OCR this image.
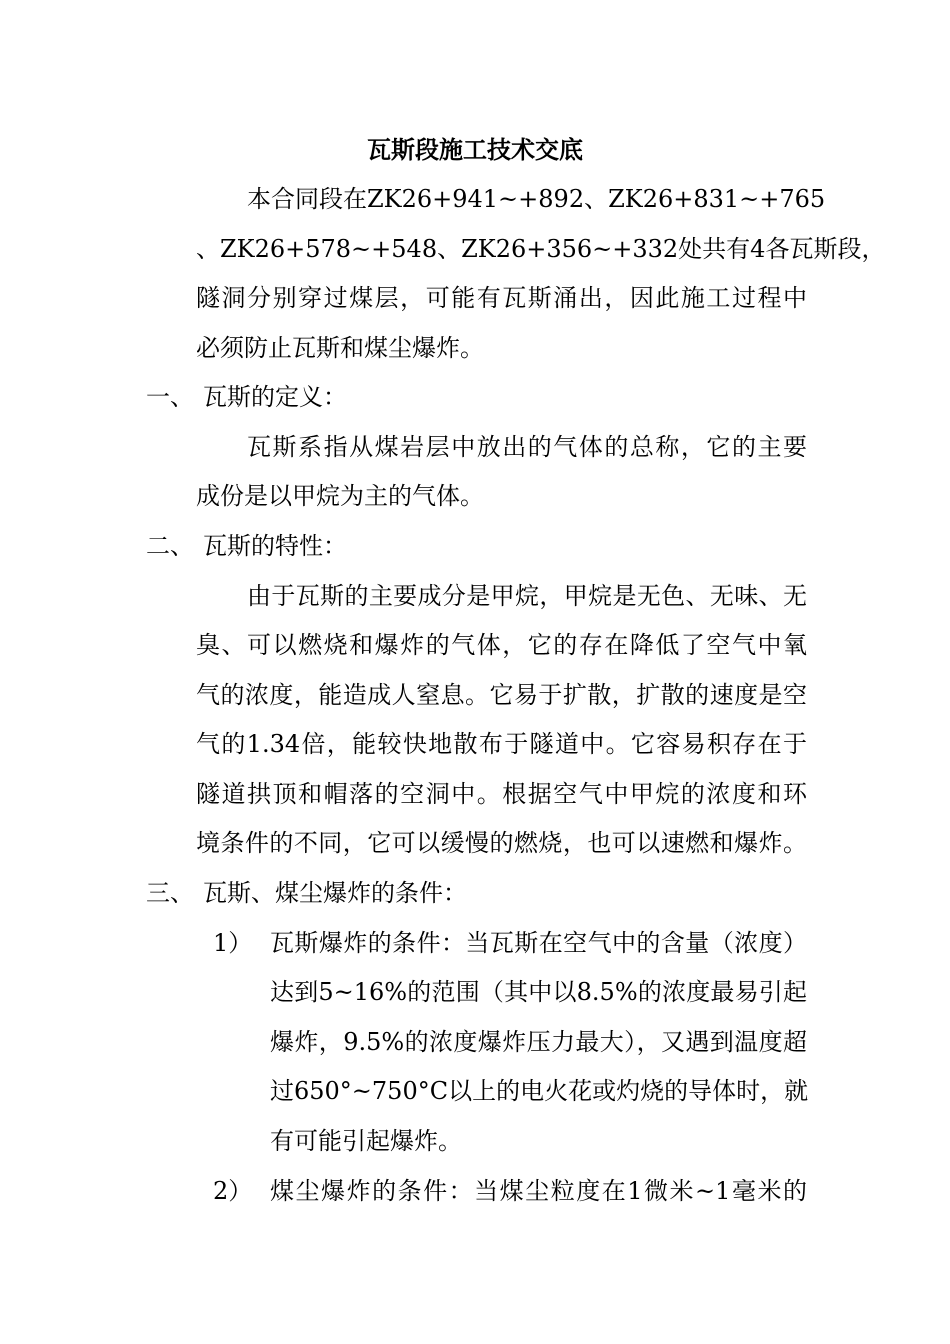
瓦斯段施工技术交底
本合同段在ZK26+941~+892、ZK26+831~+765
、ZK26+578~+548、ZK26+356~+332处共有4各瓦斯段，
隧洞分别穿过煤层，可能有瓦斯涌出，因此施工过程中
必须防止瓦斯和煤尘爆炸。
一、 瓦斯的定义：
瓦斯系指从煤岩层中放出的气体的总称，它的主要
成份是以甲烷为主的气体。
二、 瓦斯的特性：
由于瓦斯的主要成分是甲烷，甲烷是无色、无味、无
臭、可以燃烧和爆炸的气体，它的存在降低了空气中氧
气的浓度，能造成人窒息。它易于扩散，扩散的速度是空
气的1.34倍，能较快地散布于隧道中。它容易积存在于
隧道拱顶和帽落的空洞中。根据空气中甲烷的浓度和环
境条件的不同，它可以缓慢的燃烧，也可以速燃和爆炸。
三、 瓦斯、煤尘爆炸的条件：
1） 瓦斯爆炸的条件：当瓦斯在空气中的含量（浓度）
达到5~16%的范围（其中以8.5%的浓度最易引起
爆炸，9.5%的浓度爆炸压力最大），又遇到温度超
过650°~750°C以上的电火花或灼烧的导体时，就
有可能引起爆炸。
2） 煤尘爆炸的条件：当煤尘粒度在1微米~1毫米的
